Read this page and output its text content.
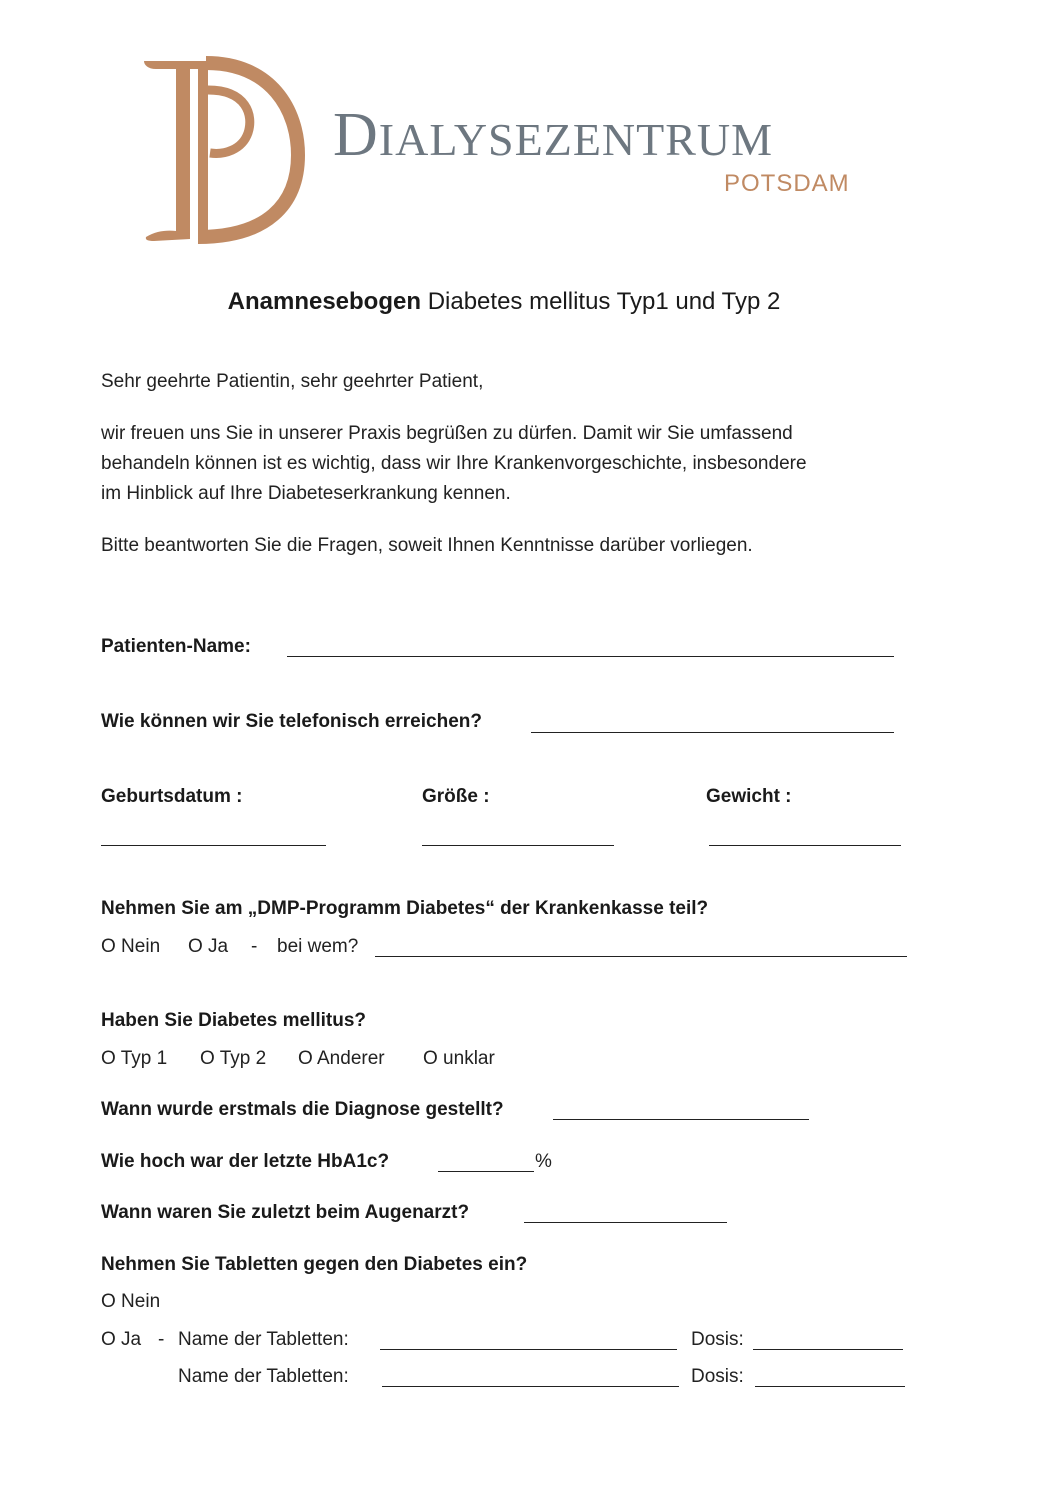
DIALYSEZENTRUM
POTSDAM
Anamnesebogen Diabetes mellitus Typ1 und Typ 2
Sehr geehrte Patientin, sehr geehrter Patient,
wir freuen uns Sie in unserer Praxis begrüßen zu dürfen. Damit wir Sie umfassend
behandeln können ist es wichtig, dass wir Ihre Krankenvorgeschichte, insbesondere
im Hinblick auf Ihre Diabeteserkrankung kennen.
Bitte beantworten Sie die Fragen, soweit Ihnen Kenntnisse darüber vorliegen.
Patienten-Name:
Wie können wir Sie telefonisch erreichen?
Geburtsdatum :	Größe :	Gewicht :
Nehmen Sie am „DMP-Programm Diabetes“ der Krankenkasse teil?
O Nein O Ja - bei wem?
Haben Sie Diabetes mellitus?
O Typ 1 O Typ 2 O Anderer O unklar
Wann wurde erstmals die Diagnose gestellt?
Wie hoch war der letzte HbA1c?	%
Wann waren Sie zuletzt beim Augenarzt?
Nehmen Sie Tabletten gegen den Diabetes ein?
O Nein
O Ja - Name der Tabletten:	Dosis:
Name der Tabletten:	Dosis:
